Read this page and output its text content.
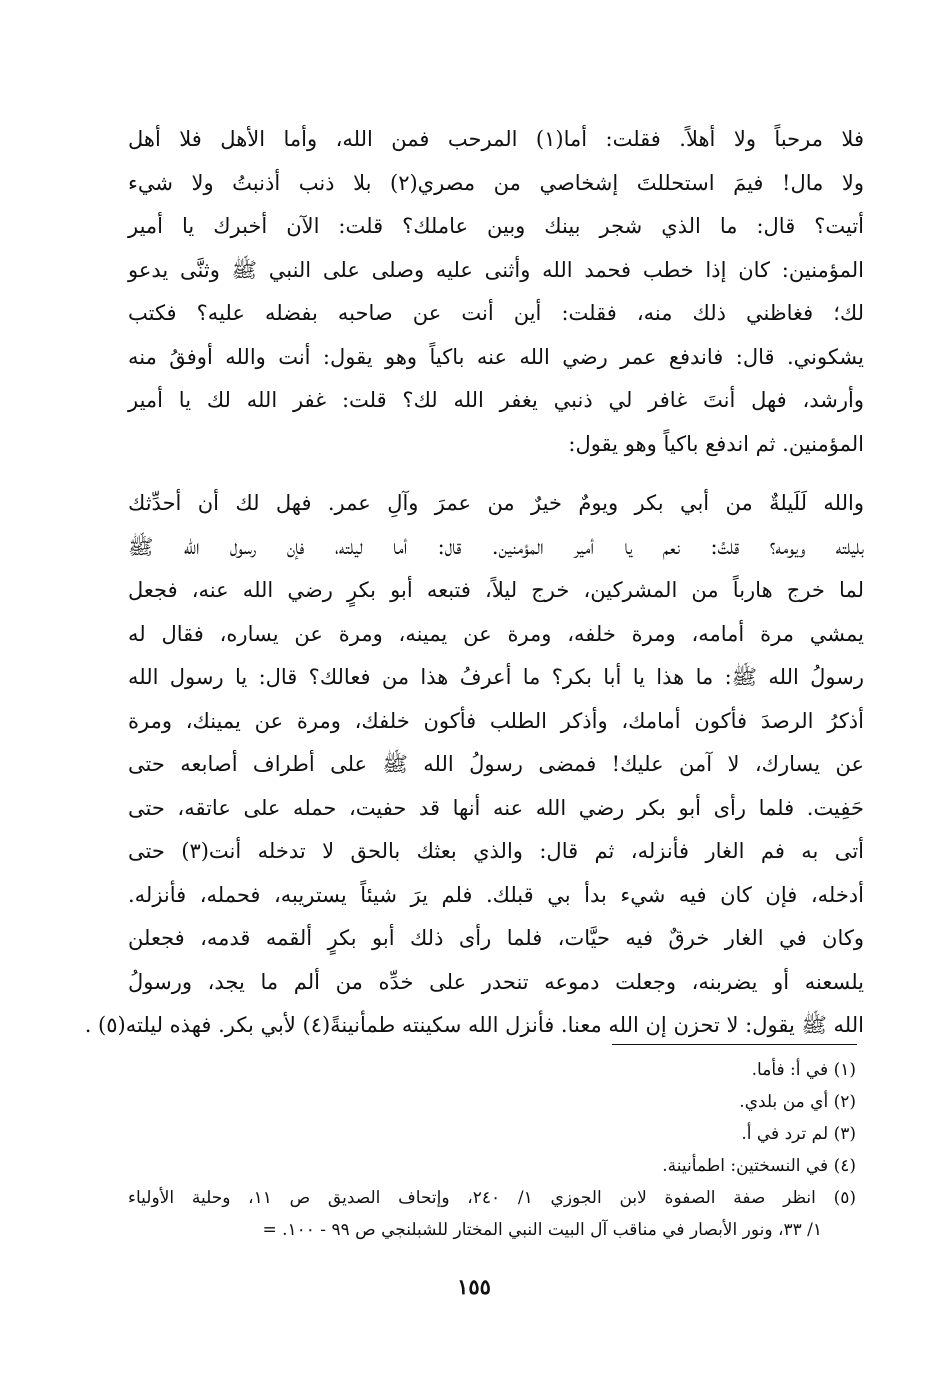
فلا مرحباً ولا أهلاً. فقلت: أما(١) المرحب فمن الله، وأما الأهل فلا أهل
ولا مال! فيمَ استحللتَ إشخاصي من مصري(٢) بلا ذنب أذنبتُ ولا شيء
أتيت؟ قال: ما الذي شجر بينك وبين عاملك؟ قلت: الآن أخبرك يا أمير
المؤمنين: كان إذا خطب فحمد الله وأثنى عليه وصلى على النبي ﷺ وثنَّى يدعو
لك؛ فغاظني ذلك منه، فقلت: أين أنت عن صاحبه بفضله عليه؟ فكتب
يشكوني. قال: فاندفع عمر رضي الله عنه باكياً وهو يقول: أنت والله أوفقُ منه
وأرشد، فهل أنتَ غافر لي ذنبي يغفر الله لك؟ قلت: غفر الله لك يا أمير
المؤمنين. ثم اندفع باكياً وهو يقول:
والله لَلَيلةٌ من أبي بكر ويومٌ خيرٌ من عمرَ وآلِ عمر. فهل لك أن أحدِّثك
بليلته ويومه؟ قلتُ: نعم يا أمير المؤمنين. قال: أما ليلته، فإن رسول الله ﷺ
لما خرج هارباً من المشركين، خرج ليلاً، فتبعه أبو بكرٍ رضي الله عنه، فجعل
يمشي مرة أمامه، ومرة خلفه، ومرة عن يمينه، ومرة عن يساره، فقال له
رسولُ الله ﷺ: ما هذا يا أبا بكر؟ ما أعرفُ هذا من فعالك؟ قال: يا رسول الله
أذكرُ الرصدَ فأكون أمامك، وأذكر الطلب فأكون خلفك، ومرة عن يمينك، ومرة
عن يسارك، لا آمن عليك! فمضى رسولُ الله ﷺ على أطراف أصابعه حتى
حَفِيت. فلما رأى أبو بكر رضي الله عنه أنها قد حفيت، حمله على عاتقه، حتى
أتى به فم الغار فأنزله، ثم قال: والذي بعثك بالحق لا تدخله أنت(٣) حتى
أدخله، فإن كان فيه شيء بدأ بي قبلك. فلم يرَ شيئاً يستريبه، فحمله، فأنزله.
وكان في الغار خرقٌ فيه حيَّات، فلما رأى ذلك أبو بكرٍ ألقمه قدمه، فجعلن
يلسعنه أو يضربنه، وجعلت دموعه تنحدر على خدِّه من ألم ما يجد، ورسولُ
الله ﷺ يقول: لا تحزن إن الله معنا. فأنزل الله سكينته طمأنينةً(٤) لأبي بكر. فهذه ليلته(٥) .
(١) في أ: فأما.
(٢) أي من بلدي.
(٣) لم ترد في أ.
(٤) في النسختين: اطمأنينة.
(٥) انظر صفة الصفوة لابن الجوزي ١/ ٢٤٠، وإتحاف الصديق ص ١١، وحلية الأولياء
١/ ٣٣، ونور الأبصار في مناقب آل البيت النبي المختار للشبلنجي ص ٩٩ - ١٠٠. =
١٥٥
